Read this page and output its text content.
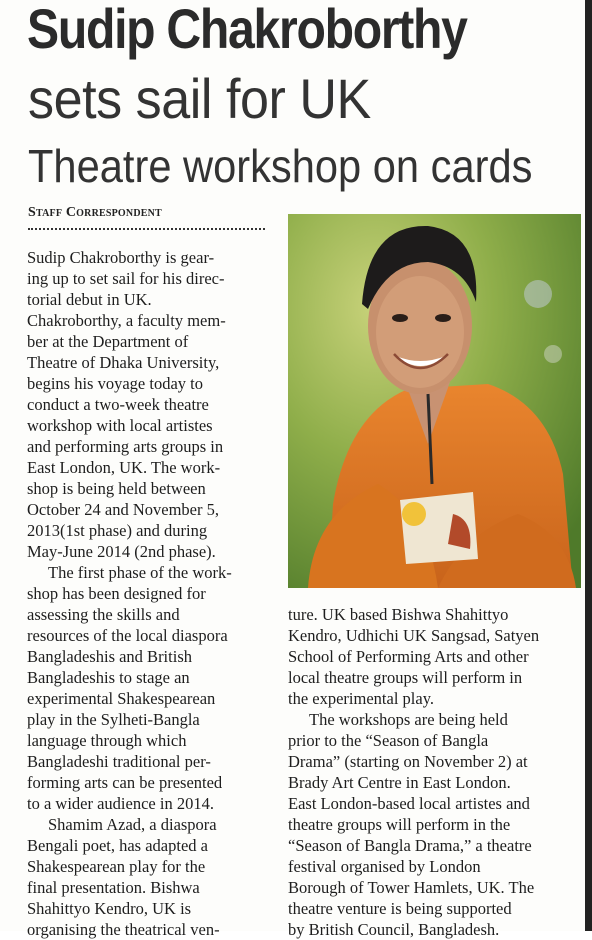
Sudip Chakroborthy
sets sail for UK
Theatre workshop on cards
Staff Correspondent
Sudip Chakroborthy is gear-
ing up to set sail for his direc-
torial debut in UK.
Chakroborthy, a faculty mem-
ber at the Department of
Theatre of Dhaka University,
begins his voyage today to
conduct a two-week theatre
workshop with local artistes
and performing arts groups in
East London, UK. The work-
shop is being held between
October 24 and November 5,
2013(1st phase) and during
May-June 2014 (2nd phase).
The first phase of the work-
shop has been designed for
assessing the skills and
resources of the local diaspora
Bangladeshis and British
Bangladeshis to stage an
experimental Shakespearean
play in the Sylheti-Bangla
language through which
Bangladeshi traditional per-
forming arts can be presented
to a wider audience in 2014.
Shamim Azad, a diaspora
Bengali poet, has adapted a
Shakespearean play for the
final presentation. Bishwa
Shahittyo Kendro, UK is
organising the theatrical ven-
ture. UK based Bishwa Shahittyo
Kendro, Udhichi UK Sangsad, Satyen
School of Performing Arts and other
local theatre groups will perform in
the experimental play.
The workshops are being held
prior to the “Season of Bangla
Drama” (starting on November 2) at
Brady Art Centre in East London.
East London-based local artistes and
theatre groups will perform in the
“Season of Bangla Drama,” a theatre
festival organised by London
Borough of Tower Hamlets, UK. The
theatre venture is being supported
by British Council, Bangladesh.
